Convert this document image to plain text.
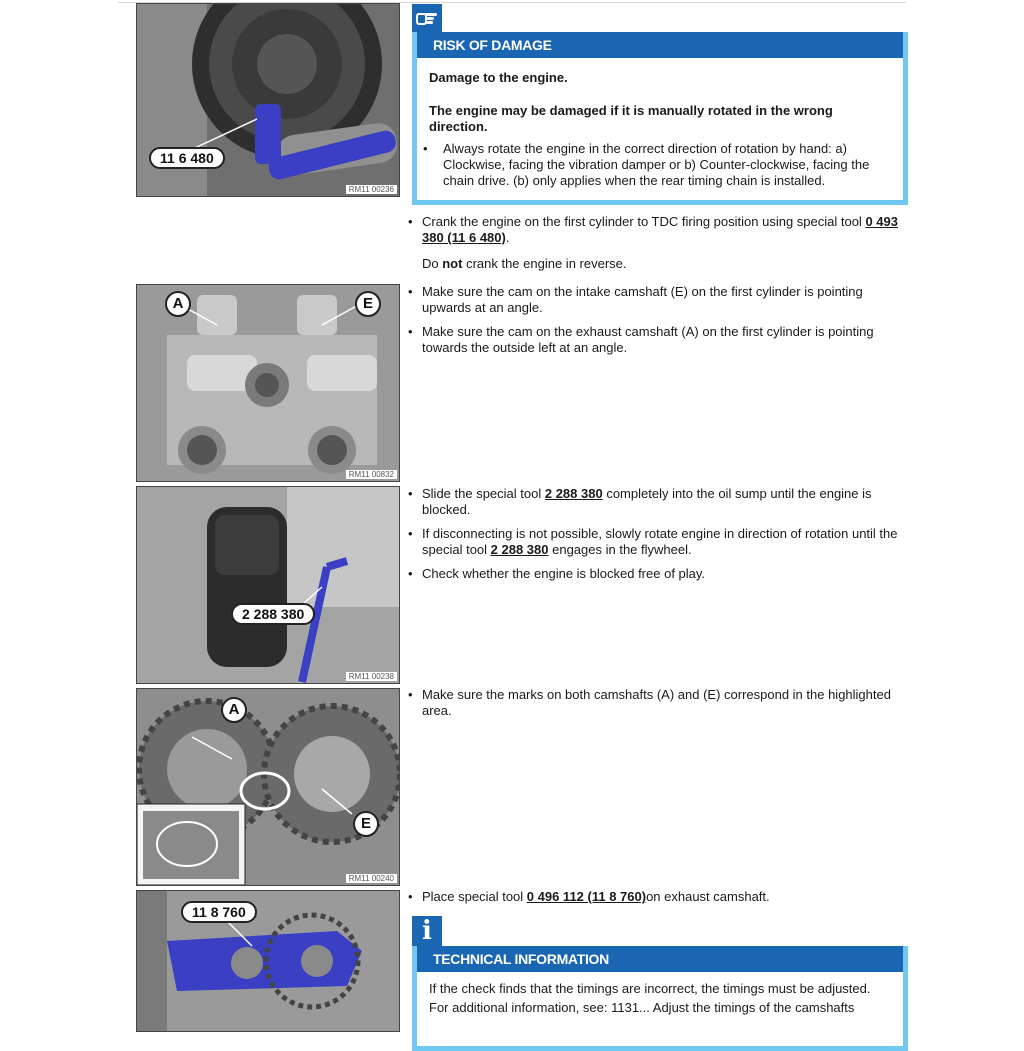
11 6 480
RM11 00236
RISK OF DAMAGE
Damage to the engine.
The engine may be damaged if it is manually rotated in the wrong direction.
• Always rotate the engine in the correct direction of rotation by hand: a) Clockwise, facing the vibration damper or b) Counter-clockwise, facing the chain drive. (b) only applies when the rear timing chain is installed.
• Crank the engine on the first cylinder to TDC firing position using special tool 0 493 380 (11 6 480).
Do not crank the engine in reverse.
A	E
RM11 00832
• Make sure the cam on the intake camshaft (E) on the first cylinder is pointing upwards at an angle.
• Make sure the cam on the exhaust camshaft (A) on the first cylinder is pointing towards the outside left at an angle.
2 288 380
RM11 00238
• Slide the special tool 2 288 380 completely into the oil sump until the engine is blocked.
• If disconnecting is not possible, slowly rotate engine in direction of rotation until the special tool 2 288 380 engages in the flywheel.
• Check whether the engine is blocked free of play.
A
E
RM11 00240
• Make sure the marks on both camshafts (A) and (E) correspond in the highlighted area.
11 8 760
• Place special tool 0 496 112 (11 8 760)on exhaust camshaft.
i
TECHNICAL INFORMATION
If the check finds that the timings are incorrect, the timings must be adjusted.
For additional information, see: 1131... Adjust the timings of the camshafts
